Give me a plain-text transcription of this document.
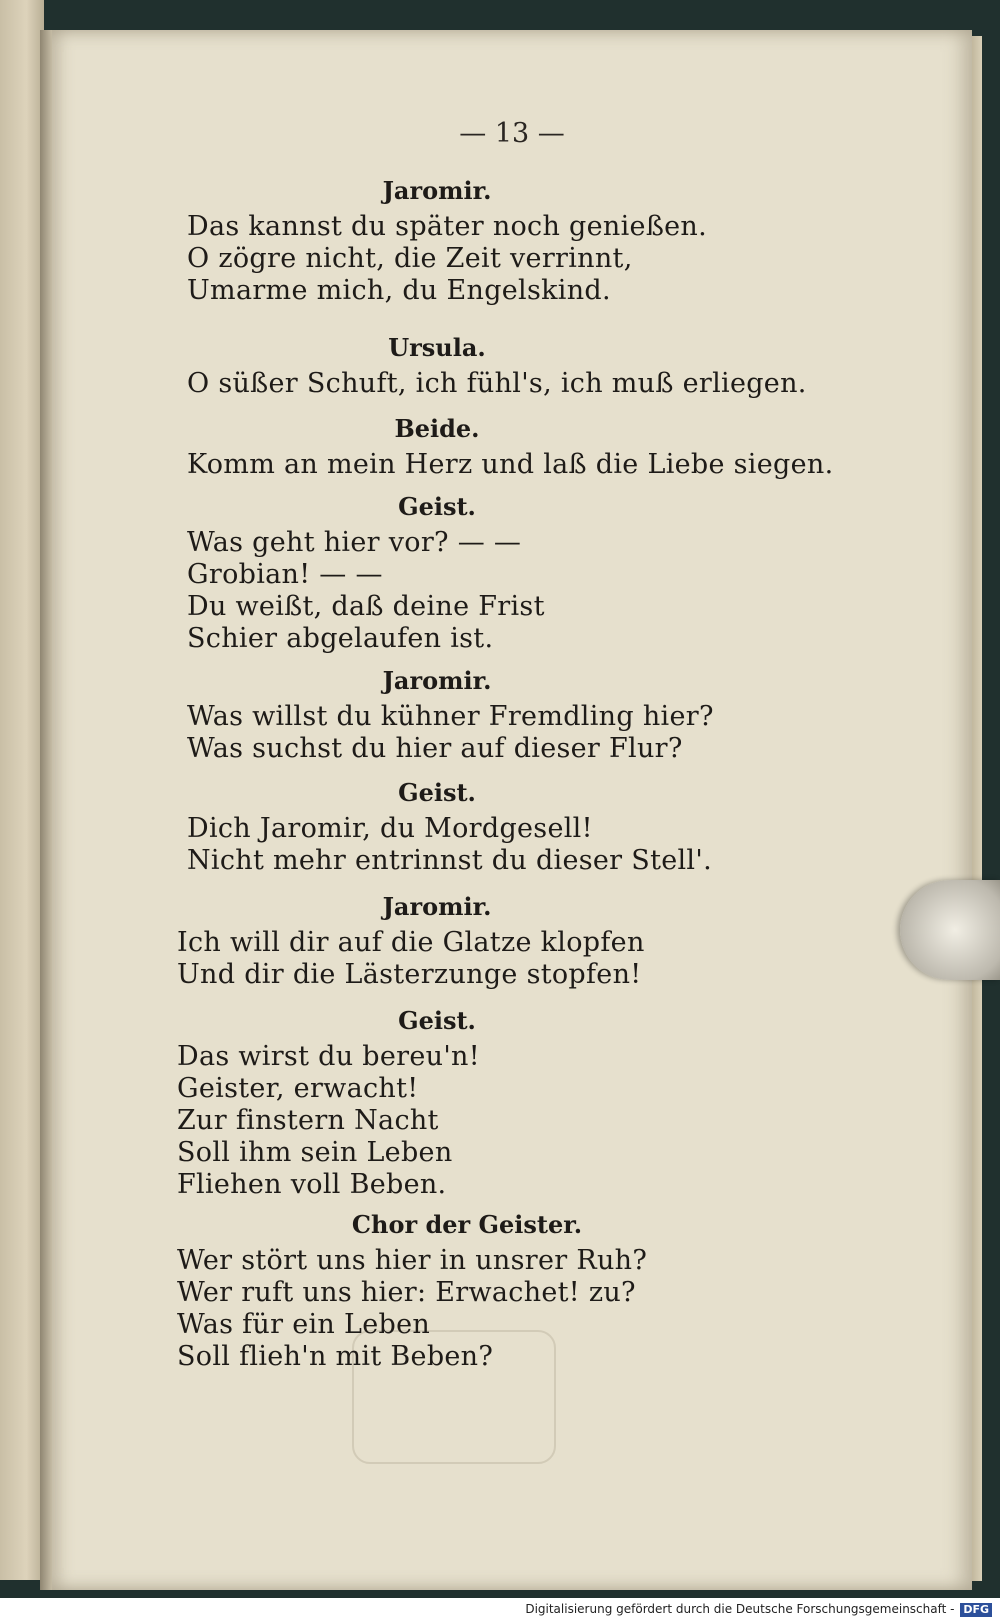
— 13 —
Jaromir.
Das kannst du später noch genießen.
O zögre nicht, die Zeit verrinnt,
Umarme mich, du Engelskind.
Ursula.
O süßer Schuft, ich fühl's, ich muß erliegen.
Beide.
Komm an mein Herz und laß die Liebe siegen.
Geist.
Was geht hier vor? — —
Grobian! — —
Du weißt, daß deine Frist
Schier abgelaufen ist.
Jaromir.
Was willst du kühner Fremdling hier?
Was suchst du hier auf dieser Flur?
Geist.
Dich Jaromir, du Mordgesell!
Nicht mehr entrinnst du dieser Stell'.
Jaromir.
Ich will dir auf die Glatze klopfen
Und dir die Lästerzunge stopfen!
Geist.
Das wirst du bereu'n!
Geister, erwacht!
Zur finstern Nacht
Soll ihm sein Leben
Fliehen voll Beben.
Chor der Geister.
Wer stört uns hier in unsrer Ruh?
Wer ruft uns hier: Erwachet! zu?
Was für ein Leben
Soll flieh'n mit Beben?
Digitalisierung gefördert durch die Deutsche Forschungsgemeinschaft - DFG
